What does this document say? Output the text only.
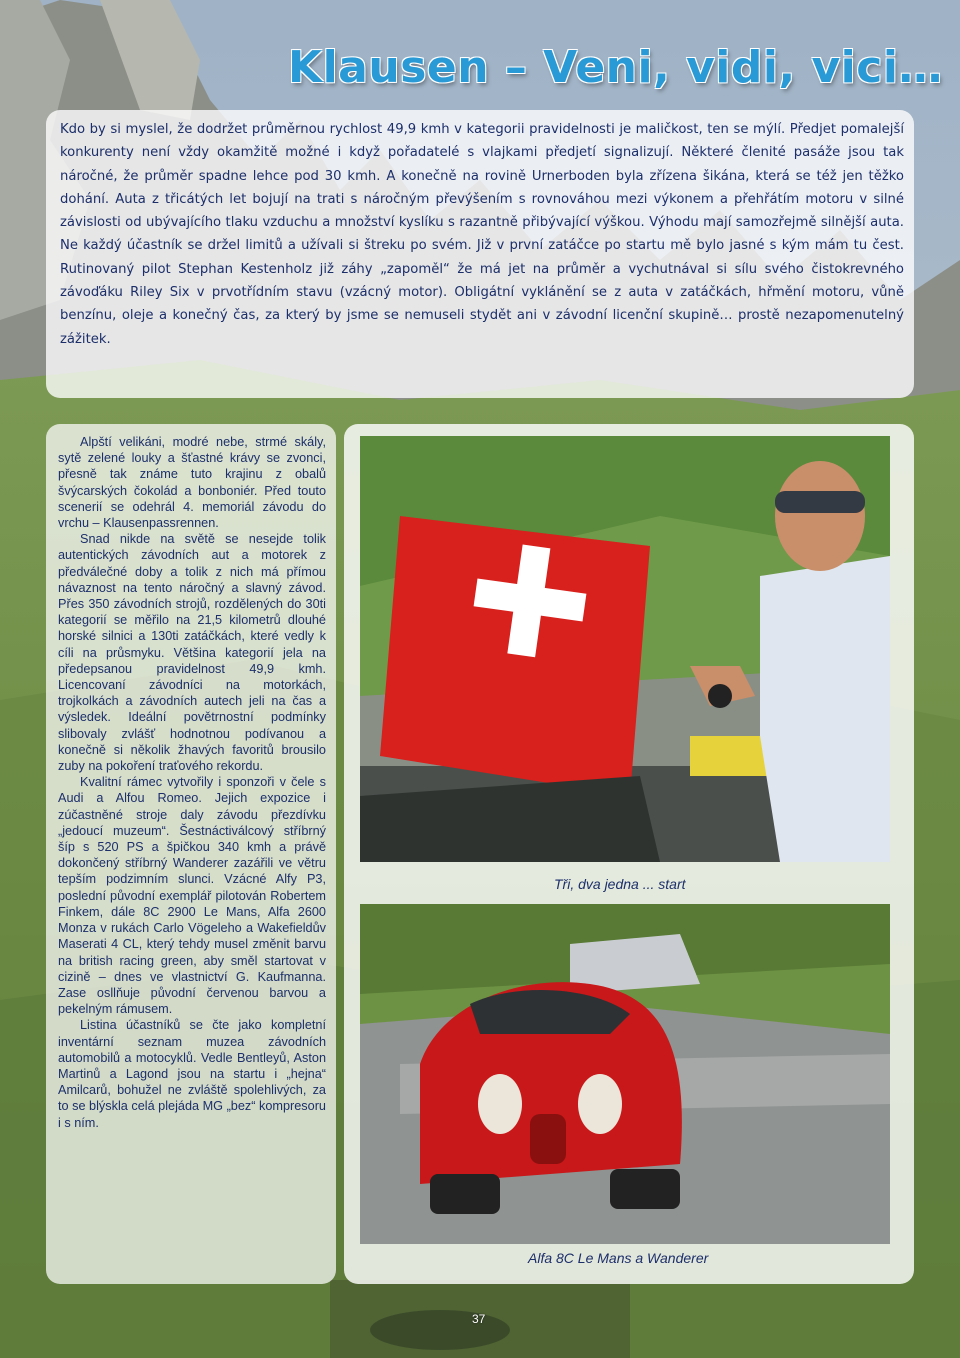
Klausen – Veni, vidi, vici…

Kdo by si myslel, že dodržet průměrnou rychlost 49,9 kmh v kategorii pravidelnosti je maličkost, ten se mýlí. Předjet pomalejší konkurenty není vždy okamžitě možné i když pořadatelé s vlajkami předjetí signalizují. Některé členité pasáže jsou tak náročné, že průměr spadne lehce pod 30 kmh. A konečně na rovině Urnerboden byla zřízena šikána, která se též jen těžko dohání. Auta z třicátých let bojují na trati s náročným převýšením s rovnováhou mezi výkonem a přehřátím motoru v silné závislosti od ubývajícího tlaku vzduchu a množství kyslíku s razantně přibývající výškou. Výhodu mají samozřejmě silnější auta. Ne každý účastník se držel limitů a užívali si štreku po svém. Již v první zatáčce po startu mě bylo jasné s kým mám tu čest. Rutinovaný pilot Stephan Kestenholz již záhy „zapoměl“ že má jet na průměr a vychutnával si sílu svého čistokrevného závoďáku Riley Six v prvotřídním stavu (vzácný motor). Obligátní vyklánění se z auta v zatáčkách, hřmění motoru, vůně benzínu, oleje a konečný čas, za který by jsme se nemuseli stydět ani v závodní licenční skupině… prostě nezapomenutelný zážitek.

Alpští velikáni, modré nebe, strmé skály, sytě zelené louky a šťastné krávy se zvonci, přesně tak známe tuto krajinu z obalů švýcarských čokolád a bonboniér. Před touto scenerií se odehrál 4. memoriál závodu do vrchu – Klausenpassrennen.

Snad nikde na světě se nesejde tolik autentických závodních aut a motorek z předválečné doby a tolik z nich má přímou návaznost na tento náročný a slavný závod. Přes 350 závodních strojů, rozdělených do 30ti kategorií se měřilo na 21,5 kilometrů dlouhé horské silnici a 130ti zatáčkách, které vedly k cíli na průsmyku. Většina kategorií jela na předepsanou pravidelnost 49,9 kmh. Licencovaní závodníci na motorkách, trojkolkách a závodních autech jeli na čas a výsledek. Ideální povětrnostní podmínky slibovaly zvlášť hodnotnou podívanou a konečně si několik žhavých favoritů brousilo zuby na pokoření traťového rekordu.

Kvalitní rámec vytvořily i sponzoři v čele s Audi a Alfou Romeo. Jejich expozice i zúčastněné stroje daly závodu přezdívku „jedoucí muzeum“. Šestnáctiválcový stříbrný šíp s 520 PS a špičkou 340 kmh a právě dokončený stříbrný Wanderer zazářili ve větru tepším podzimním slunci. Vzácné Alfy P3, poslední původní exemplář pilotován Robertem Finkem, dále 8C 2900 Le Mans, Alfa 2600 Monza v rukách Carlo Vögeleho a Wakefieldův Maserati 4 CL, který tehdy musel změnit barvu na british racing green, aby směl startovat v cizině – dnes ve vlastnictví G. Kaufmanna. Zase osllňuje původní červenou barvou a pekelným rámusem.

Listina účastníků se čte jako kompletní inventární seznam muzea závodních automobilů a motocyklů. Vedle Bentleyů, Aston Martinů a Lagond jsou na startu i „hejna“ Amilcarů, bohužel ne zvláště spolehlivých, za to se blýskla celá plejáda MG „bez“ kompresoru i s ním.

Tři, dva jedna ... start
Alfa 8C Le Mans a Wanderer
37
